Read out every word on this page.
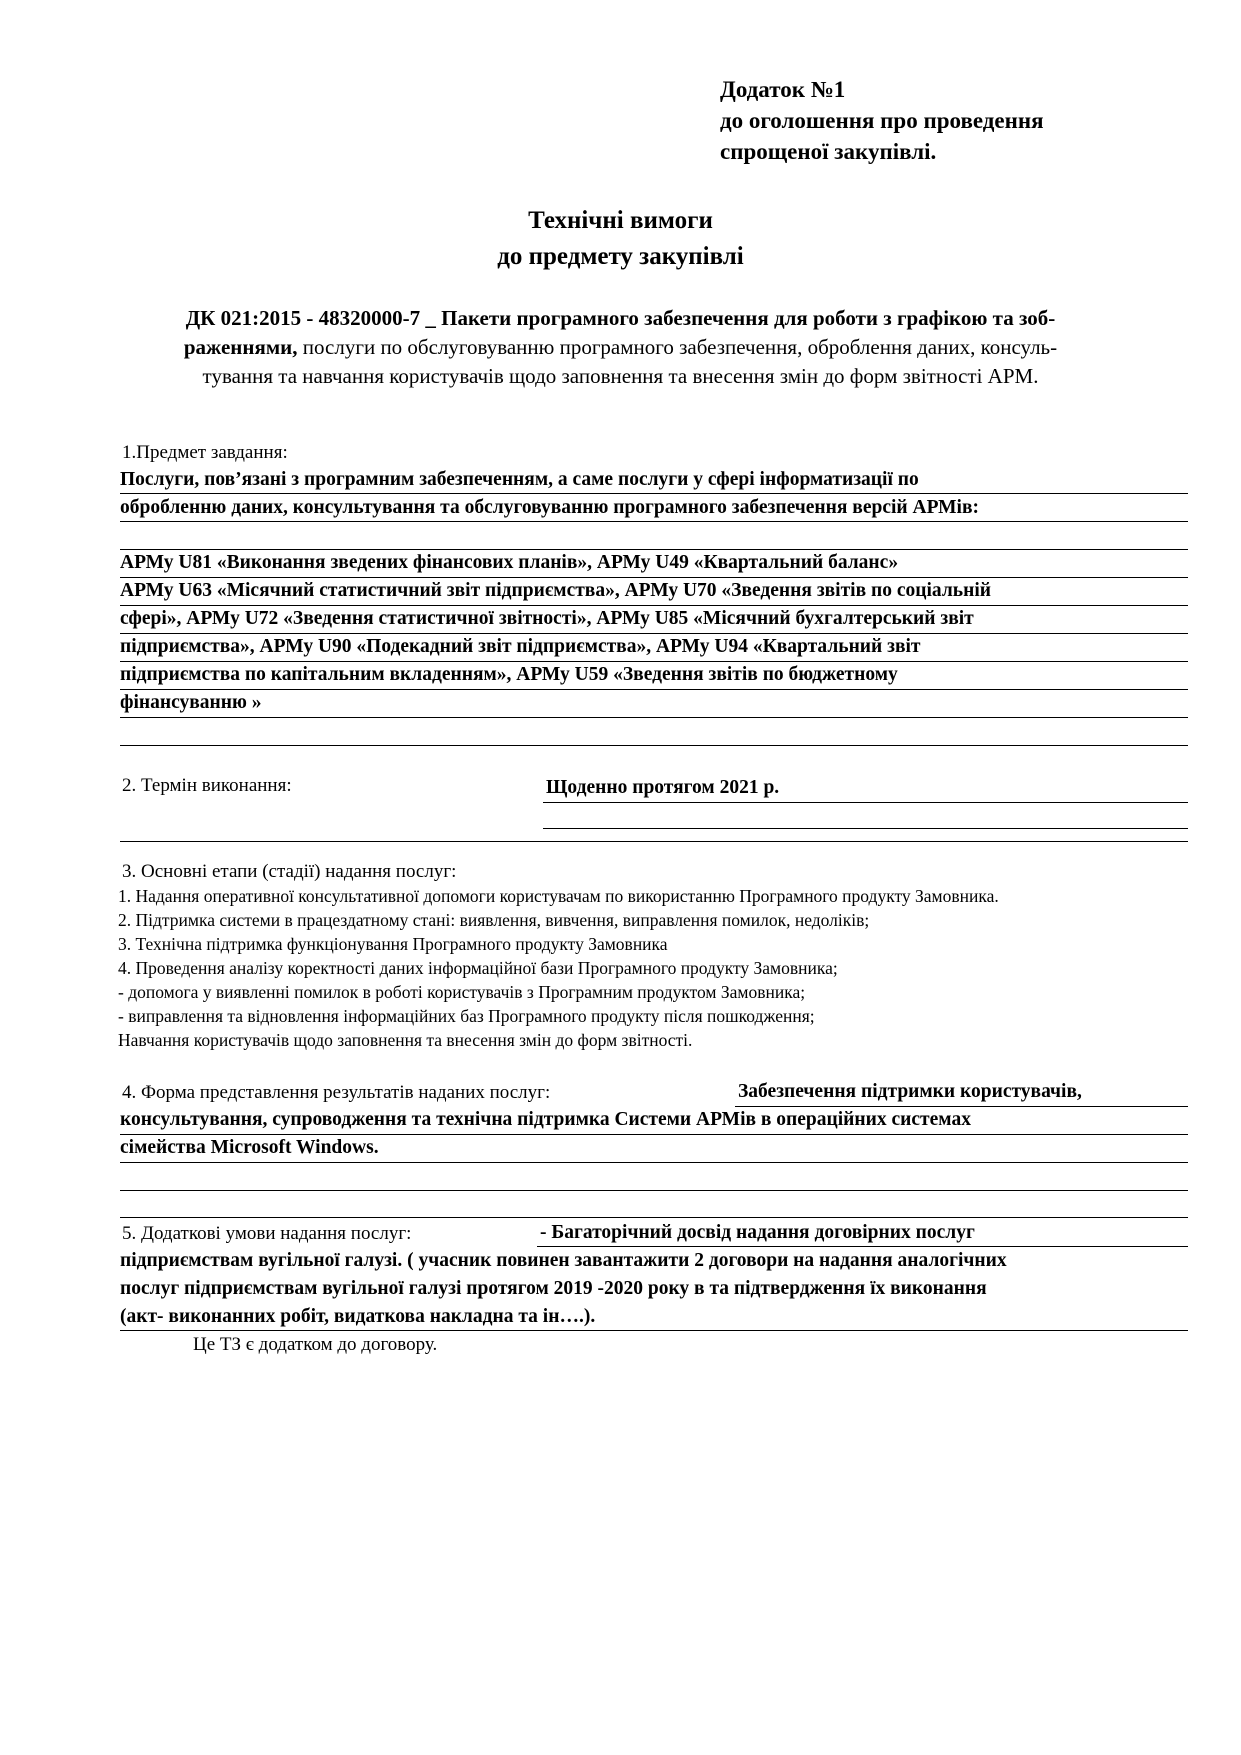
Додаток №1
до оголошення про проведення
спрощеної закупівлі.
Технічні вимоги
до предмету закупівлі
ДК 021:2015 - 48320000-7 _ Пакети програмного забезпечення для роботи з графікою та зоб-
раженнями, послуги по обслуговуванню програмного забезпечення, оброблення даних, консуль-
тування та навчання користувачів щодо заповнення та внесення змін до форм звітності АРМ.
1.Предмет завдання:
Послуги, пов’язані з програмним забезпеченням, а саме послуги у сфері інформатизації по
обробленню даних, консультування та обслуговуванню програмного забезпечення версій АРМів:
АРМу U81 «Виконання зведених фінансових планів», АРМу U49 «Квартальний баланс»
АРМу U63 «Місячний статистичний звіт підприємства», АРМу U70 «Зведення звітів по соціальній
сфері», АРМу U72 «Зведення статистичної звітності», АРМу U85 «Місячний бухгалтерський звіт
підприємства», АРМу U90 «Подекадний звіт підприємства», АРМу U94 «Квартальний звіт
підприємства по капітальним вкладенням», АРМу U59 «Зведення звітів по бюджетному
фінансуванню »
2. Термін виконання:	Щоденно протягом 2021 р.
3. Основні етапи (стадії) надання послуг:
1. Надання оперативної консультативної допомоги користувачам по використанню Програмного продукту Замовника.
2. Підтримка системи в працездатному стані: виявлення, вивчення, виправлення помилок, недоліків;
3. Технічна підтримка функціонування Програмного продукту Замовника
4. Проведення аналізу коректності даних інформаційної бази Програмного продукту Замовника;
- допомога у виявленні помилок в роботі користувачів з Програмним продуктом Замовника;
- виправлення та відновлення інформаційних баз Програмного продукту після пошкодження;
Навчання користувачів щодо заповнення та внесення змін до форм звітності.
4. Форма представлення результатів наданих послуг:	Забезпечення підтримки користувачів,
консультування, супроводження та технічна підтримка Системи АРМів в операційних системах
сімейства Microsoft Windows.
5. Додаткові умови надання послуг:	- Багаторічний досвід надання договірних послуг
підприємствам вугільної галузі. ( учасник повинен завантажити 2 договори на надання аналогічних
послуг підприємствам вугільної галузі протягом 2019 -2020 року в та підтвердження їх виконання
(акт- виконанних робіт, видаткова накладна та ін….).
Це ТЗ є додатком до договору.
